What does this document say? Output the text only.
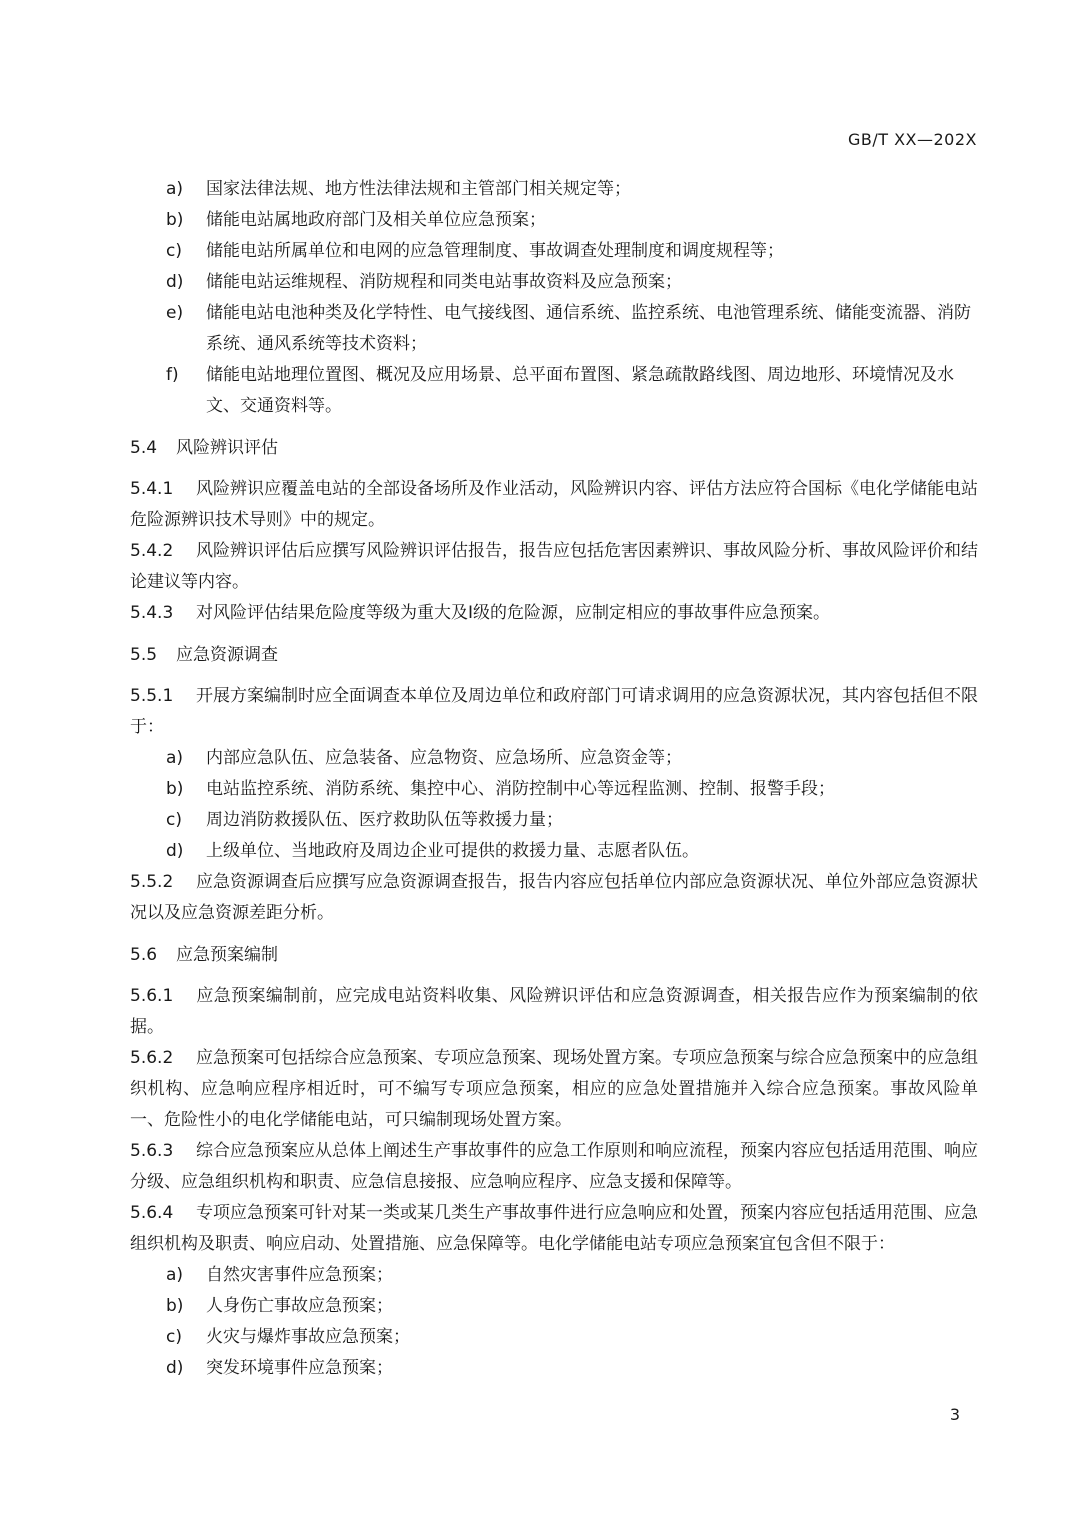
GB/T XX—202X
a) 国家法律法规、地方性法律法规和主管部门相关规定等；
b) 储能电站属地政府部门及相关单位应急预案；
c) 储能电站所属单位和电网的应急管理制度、事故调查处理制度和调度规程等；
d) 储能电站运维规程、消防规程和同类电站事故资料及应急预案；
e) 储能电站电池种类及化学特性、电气接线图、通信系统、监控系统、电池管理系统、储能变流器、消防系统、通风系统等技术资料；
f) 储能电站地理位置图、概况及应用场景、总平面布置图、紧急疏散路线图、周边地形、环境情况及水文、交通资料等。
5.4 风险辨识评估
5.4.1 风险辨识应覆盖电站的全部设备场所及作业活动，风险辨识内容、评估方法应符合国标《电化学储能电站危险源辨识技术导则》中的规定。
5.4.2 风险辨识评估后应撰写风险辨识评估报告，报告应包括危害因素辨识、事故风险分析、事故风险评价和结论建议等内容。
5.4.3 对风险评估结果危险度等级为重大及Ⅰ级的危险源，应制定相应的事故事件应急预案。
5.5 应急资源调查
5.5.1 开展方案编制时应全面调查本单位及周边单位和政府部门可请求调用的应急资源状况，其内容包括但不限于：
a) 内部应急队伍、应急装备、应急物资、应急场所、应急资金等；
b) 电站监控系统、消防系统、集控中心、消防控制中心等远程监测、控制、报警手段；
c) 周边消防救援队伍、医疗救助队伍等救援力量；
d) 上级单位、当地政府及周边企业可提供的救援力量、志愿者队伍。
5.5.2 应急资源调查后应撰写应急资源调查报告，报告内容应包括单位内部应急资源状况、单位外部应急资源状况以及应急资源差距分析。
5.6 应急预案编制
5.6.1 应急预案编制前，应完成电站资料收集、风险辨识评估和应急资源调查，相关报告应作为预案编制的依据。
5.6.2 应急预案可包括综合应急预案、专项应急预案、现场处置方案。专项应急预案与综合应急预案中的应急组织机构、应急响应程序相近时，可不编写专项应急预案，相应的应急处置措施并入综合应急预案。事故风险单一、危险性小的电化学储能电站，可只编制现场处置方案。
5.6.3 综合应急预案应从总体上阐述生产事故事件的应急工作原则和响应流程，预案内容应包括适用范围、响应分级、应急组织机构和职责、应急信息接报、应急响应程序、应急支援和保障等。
5.6.4 专项应急预案可针对某一类或某几类生产事故事件进行应急响应和处置，预案内容应包括适用范围、应急组织机构及职责、响应启动、处置措施、应急保障等。电化学储能电站专项应急预案宜包含但不限于：
a) 自然灾害事件应急预案；
b) 人身伤亡事故应急预案；
c) 火灾与爆炸事故应急预案；
d) 突发环境事件应急预案；
3
